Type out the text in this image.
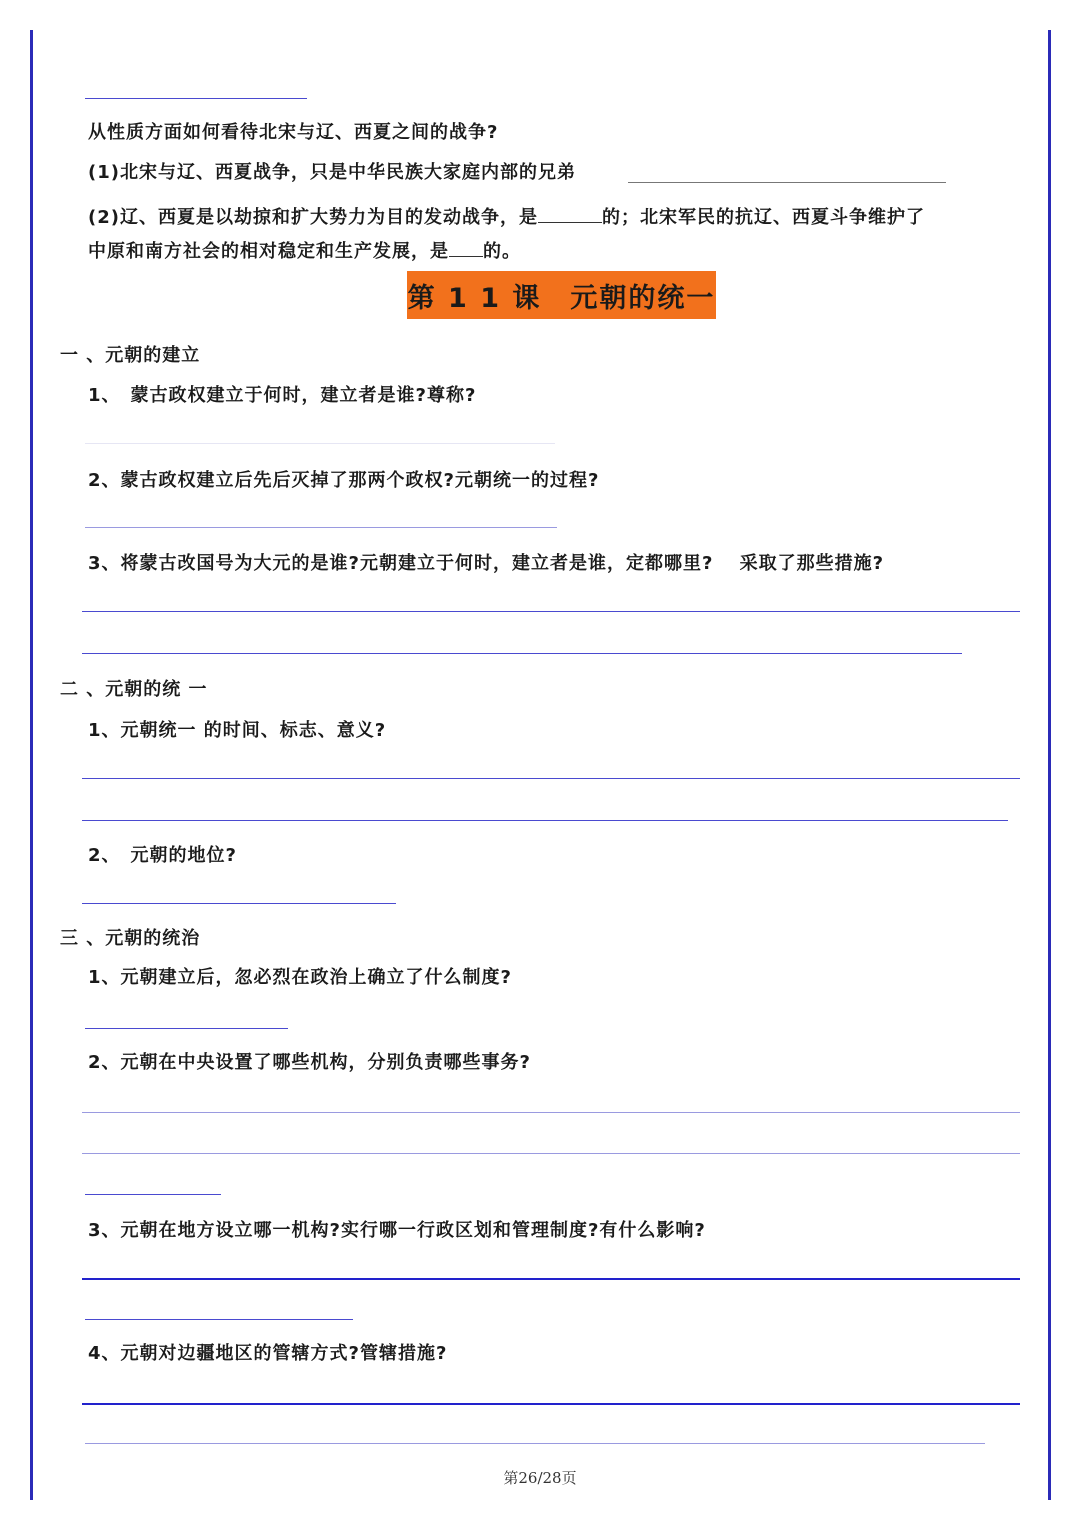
从性质方面如何看待北宋与辽、西夏之间的战争?
(1)北宋与辽、西夏战争，只是中华民族大家庭内部的兄弟
(2)辽、西夏是以劫掠和扩大势力为目的发动战争，是	的；北宋军民的抗辽、西夏斗争维护了
中原和南方社会的相对稳定和生产发展，是 的。
第 1 1 课　元朝的统一
一 、元朝的建立
1、　蒙古政权建立于何时，建立者是谁?尊称?
2、蒙古政权建立后先后灭掉了那两个政权?元朝统一的过程?
3、将蒙古改国号为大元的是谁?元朝建立于何时，建立者是谁，定都哪里?　 采取了那些措施?
二 、元朝的统 一
1、元朝统一 的时间、标志、意义?
2、　元朝的地位?
三 、元朝的统治
1、元朝建立后，忽必烈在政治上确立了什么制度?
2、元朝在中央设置了哪些机构，分别负责哪些事务?
3、元朝在地方设立哪一机构?实行哪一行政区划和管理制度?有什么影响?
4、元朝对边疆地区的管辖方式?管辖措施?
第26/28页
